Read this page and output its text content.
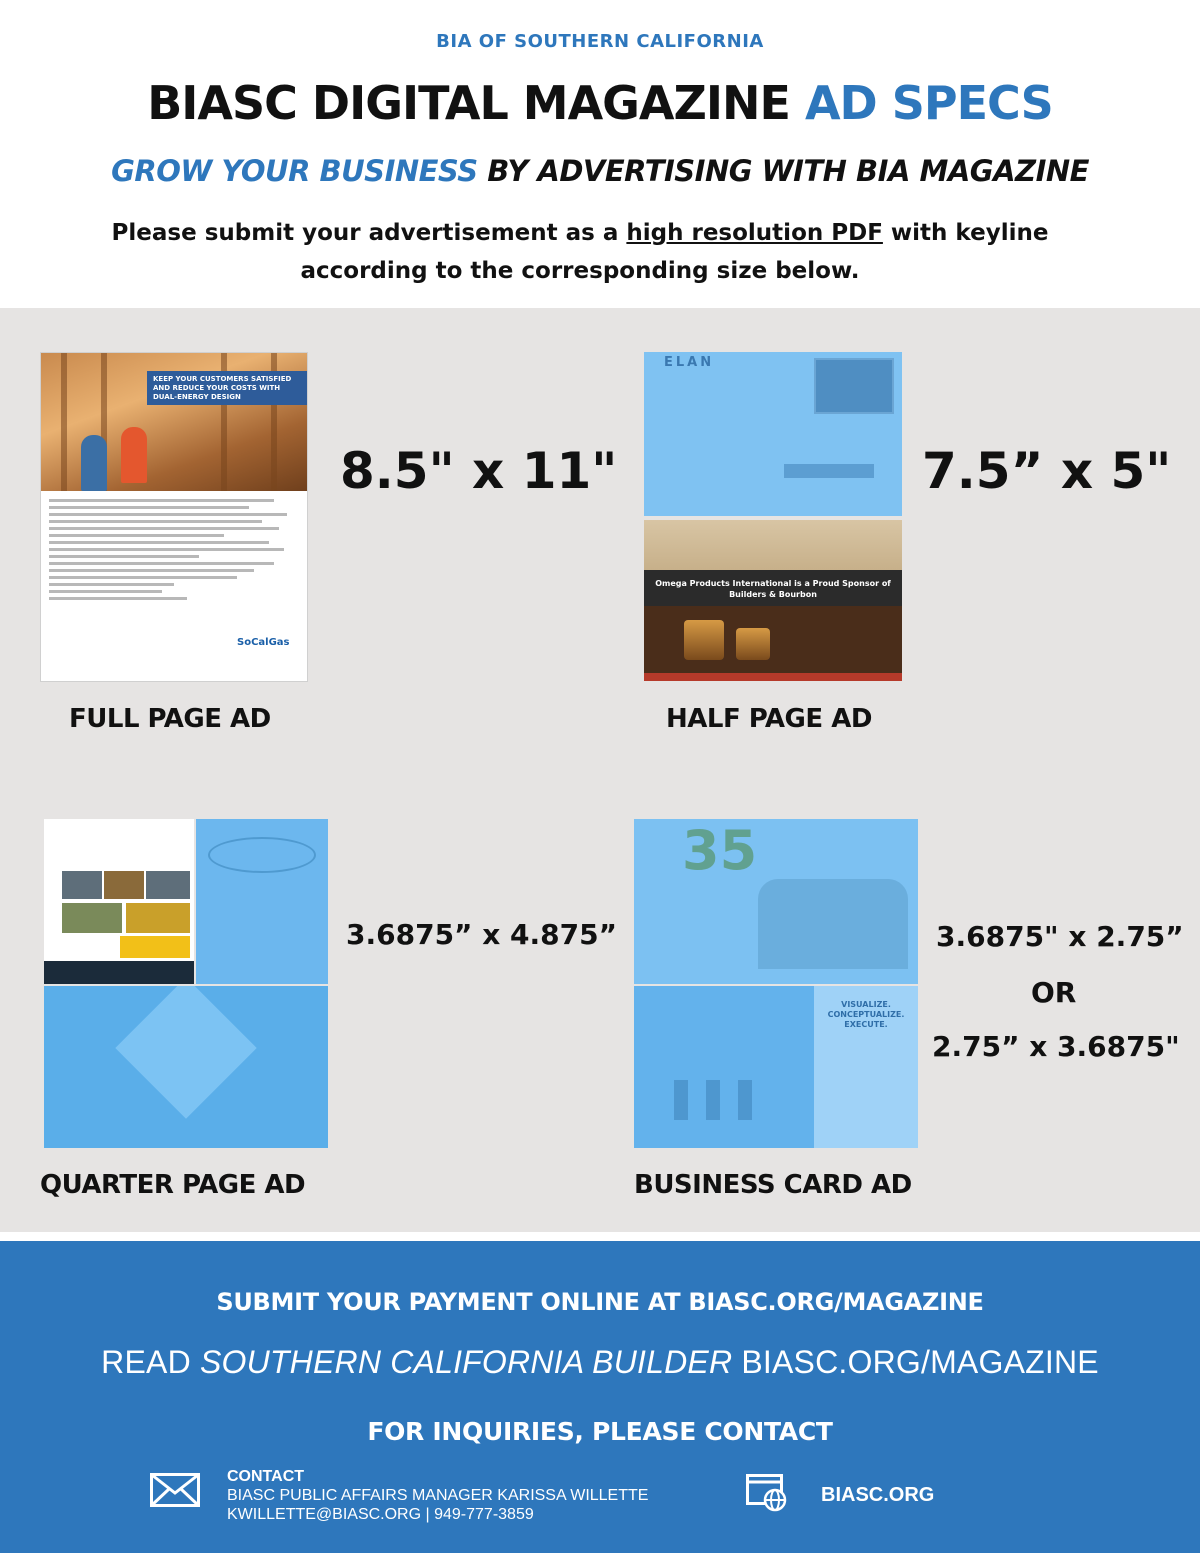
BIA OF SOUTHERN CALIFORNIA
BIASC DIGITAL MAGAZINE AD SPECS
GROW YOUR BUSINESS BY ADVERTISING WITH BIA MAGAZINE
Please submit your advertisement as a high resolution PDF with keyline according to the corresponding size below.
KEEP YOUR CUSTOMERS SATISFIED AND REDUCE YOUR COSTS WITH DUAL-ENERGY DESIGN
SoCalGas
8.5" x 11"
FULL PAGE AD
ELAN
Omega Products International is a Proud Sponsor of Builders & Bourbon
7.5” x 5"
HALF PAGE AD
3.6875” x 4.875”
QUARTER PAGE AD
35
VISUALIZE. CONCEPTUALIZE. EXECUTE.
3.6875" x 2.75”
OR
2.75” x 3.6875"
BUSINESS CARD AD
SUBMIT YOUR PAYMENT ONLINE AT BIASC.ORG/MAGAZINE
READ SOUTHERN CALIFORNIA BUILDER BIASC.ORG/MAGAZINE
FOR INQUIRIES, PLEASE CONTACT
CONTACT
BIASC PUBLIC AFFAIRS MANAGER KARISSA WILLETTE
KWILLETTE@BIASC.ORG | 949-777-3859
BIASC.ORG
